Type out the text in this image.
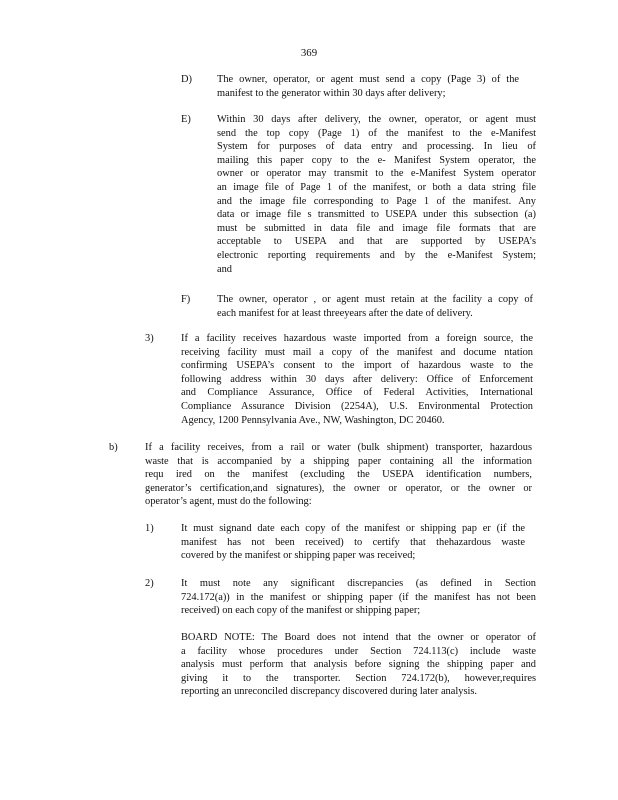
369
D) The owner, operator, or agent must send a copy (Page 3) of the
manifest to the generator within 30 days after delivery;
E)	Within 30 days after delivery, the owner, operator, or agent must
send the top copy (Page 1) of the manifest to the e-Manifest
System for purposes of data entry and processing. In lieu of
mailing this paper copy to the e- Manifest System operator, the
owner or operator may transmit to the e-Manifest System operator
an image file of Page 1 of the manifest, or both a data string file
and the image file corresponding to Page 1 of the manifest. Any
data or image file s transmitted to USEPA under this subsection (a)
must be submitted in data file and image file formats that are
acceptable to USEPA and that are supported by USEPA’s
electronic reporting requirements and by the e-Manifest System;
and
F)	The owner, operator , or agent must retain at the facility a copy of
each manifest for at least threeyears after the date of delivery.
3)	If a facility receives hazardous waste imported from a foreign source, the
receiving facility must mail a copy of the manifest and docume ntation
confirming USEPA’s consent to the import of hazardous waste to the
following address within 30 days after delivery: Office of Enforcement
and Compliance Assurance, Office of Federal Activities, International
Compliance Assurance Division (2254A), U.S. Environmental Protection
Agency, 1200 Pennsylvania Ave., NW, Washington, DC 20460.
b)	If a facility receives, from a rail or water (bulk shipment) transporter, hazardous
waste that is accompanied by a shipping paper containing all the information
requ ired on the manifest (excluding the USEPA identification numbers,
generator’s certification,and signatures), the owner or operator, or the owner or
operator’s agent, must do the following:
1)	It must signand date each copy of the manifest or shipping pap er (if the
manifest has not been received) to certify that thehazardous waste
covered by the manifest or shipping paper was received;
2)	It must note any significant discrepancies (as defined in Section
724.172(a)) in the manifest or shipping paper (if the manifest has not been
received) on each copy of the manifest or shipping paper;
BOARD NOTE: The Board does not intend that the owner or operator of
a facility whose procedures under Section 724.113(c) include waste
analysis must perform that analysis before signing the shipping paper and
giving it to the transporter. Section 724.172(b), however,requires
reporting an unreconciled discrepancy discovered during later analysis.
